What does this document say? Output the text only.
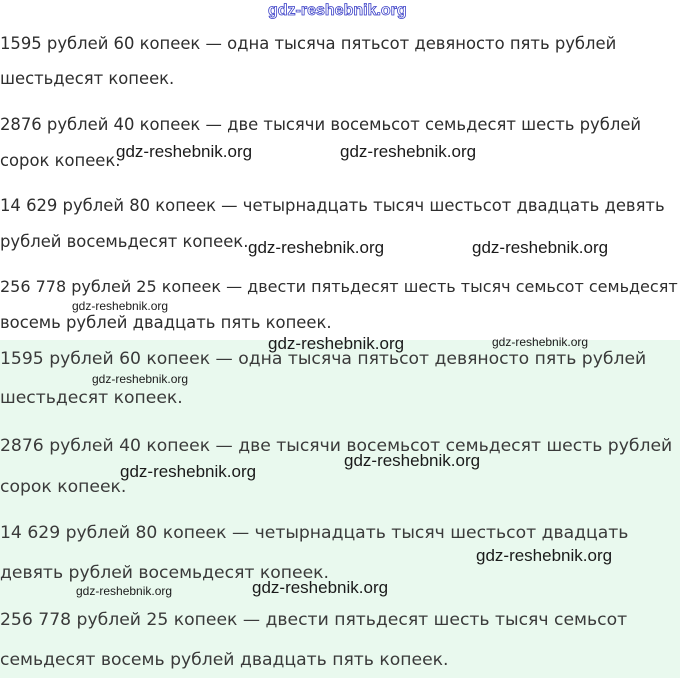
1595 рублей 60 копеек — одна тысяча пятьсот девяносто пять рублей
шестьдесят копеек.
2876 рублей 40 копеек — две тысячи восемьсот семьдесят шесть рублей
сорок копеек.
14 629 рублей 80 копеек — четырнадцать тысяч шестьсот двадцать девять
рублей восемьдесят копеек.
256 778 рублей 25 копеек — двести пятьдесят шесть тысяч семьсот семьдесят
восемь рублей двадцать пять копеек.
1595 рублей 60 копеек — одна тысяча пятьсот девяносто пять рублей
шестьдесят копеек.
2876 рублей 40 копеек — две тысячи восемьсот семьдесят шесть рублей
сорок копеек.
14 629 рублей 80 копеек — четырнадцать тысяч шестьсот двадцать
девять рублей восемьдесят копеек.
256 778 рублей 25 копеек — двести пятьдесят шесть тысяч семьсот
семьдесят восемь рублей двадцать пять копеек.
gdz-reshebnik.org
gdz-reshebnik.org	gdz-reshebnik.org
gdz-reshebnik.org	gdz-reshebnik.org
gdz-reshebnik.org
gdz-reshebnik.org	gdz-reshebnik.org
gdz-reshebnik.org
gdz-reshebnik.org
gdz-reshebnik.org
gdz-reshebnik.org
gdz-reshebnik.org
gdz-reshebnik.org
